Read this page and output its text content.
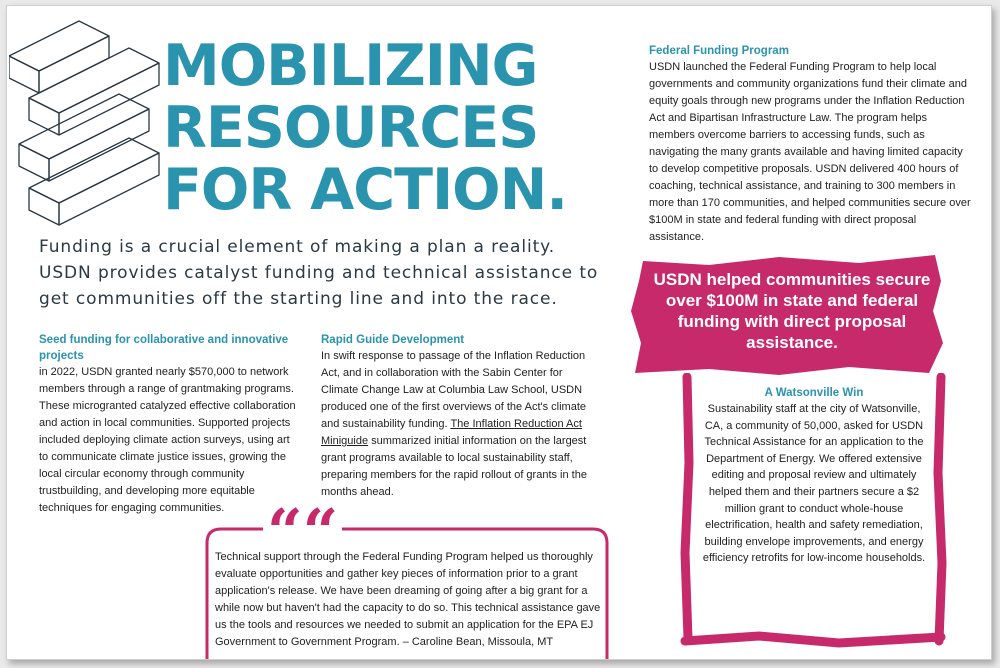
MOBILIZING
RESOURCES
FOR ACTION.
Funding is a crucial element of making a plan a reality. USDN provides catalyst funding and technical assistance to get communities off the starting line and into the race.
Seed funding for collaborative and innovative projects
in 2022, USDN granted nearly $570,000 to network members through a range of grantmaking programs. These microgranted catalyzed effective collaboration and action in local communities. Supported projects included deploying climate action surveys, using art to communicate climate justice issues, growing the local circular economy through community trustbuilding, and developing more equitable techniques for engaging communities.
Rapid Guide Development
In swift response to passage of the Inflation Reduction Act, and in collaboration with the Sabin Center for Climate Change Law at Columbia Law School, USDN produced one of the first overviews of the Act's climate and sustainability funding. The Inflation Reduction Act Miniguide summarized initial information on the largest grant programs available to local sustainability staff, preparing members for the rapid rollout of grants in the months ahead.
Federal Funding Program
USDN launched the Federal Funding Program to help local governments and community organizations fund their climate and equity goals through new programs under the Inflation Reduction Act and Bipartisan Infrastructure Law. The program helps members overcome barriers to accessing funds, such as navigating the many grants available and having limited capacity to develop competitive proposals. USDN delivered 400 hours of coaching, technical assistance, and training to 300 members in more than 170 communities, and helped communities secure over $100M in state and federal funding with direct proposal assistance.
USDN helped communities secure over $100M in state and federal funding with direct proposal assistance.
A Watsonville Win
Sustainability staff at the city of Watsonville, CA, a community of 50,000, asked for USDN Technical Assistance for an application to the Department of Energy. We offered extensive editing and proposal review and ultimately helped them and their partners secure a $2 million grant to conduct whole-house electrification, health and safety remediation, building envelope improvements, and energy efficiency retrofits for low-income households.
““
Technical support through the Federal Funding Program helped us thoroughly evaluate opportunities and gather key pieces of information prior to a grant application's release. We have been dreaming of going after a big grant for a while now but haven't had the capacity to do so. This technical assistance gave us the tools and resources we needed to submit an application for the EPA EJ Government to Government Program. – Caroline Bean, Missoula, MT
